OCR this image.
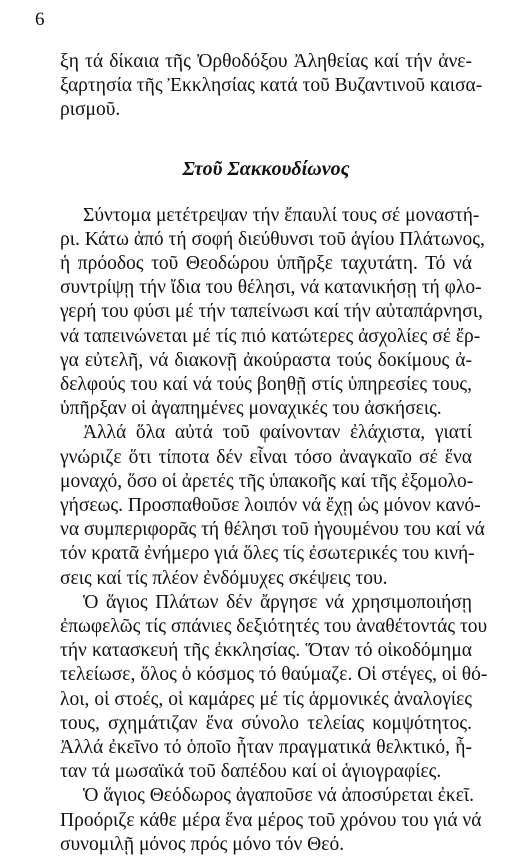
6
ξη τά δίκαια τῆς Ὀρθοδόξου Ἀληθείας καί τήν ἀνε-
ξαρτησία τῆς Ἐκκλησίας κατά τοῦ Βυζαντινοῦ καισα-
ρισμοῦ.
Στοῦ Σακκουδίωνος
Σύντομα μετέτρεψαν τήν ἔπαυλί τους σέ μοναστή-
ρι. Κάτω ἀπό τή σοφή διεύθυνσι τοῦ ἁγίου Πλάτωνος,
ἡ πρόοδος τοῦ Θεοδώρου ὑπῆρξε ταχυτάτη. Τό νά
συντρίψῃ τήν ἴδια του θέλησι, νά κατανικήσῃ τή φλο-
γερή του φύσι μέ τήν ταπείνωσι καί τήν αὐταπάρνησι,
νά ταπεινώνεται μέ τίς πιό κατώτερες ἀσχολίες σέ ἔρ-
γα εὐτελῆ, νά διακονῇ ἀκούραστα τούς δοκίμους ἀ-
δελφούς του καί νά τούς βοηθῇ στίς ὑπηρεσίες τους,
ὑπῆρξαν οἱ ἀγαπημένες μοναχικές του ἀσκήσεις.
Ἀλλά ὅλα αὐτά τοῦ φαίνονταν ἐλάχιστα, γιατί
γνώριζε ὅτι τίποτα δέν εἶναι τόσο ἀναγκαῖο σέ ἕνα
μοναχό, ὅσο οἱ ἀρετές τῆς ὑπακοῆς καί τῆς ἐξομολο-
γήσεως. Προσπαθοῦσε λοιπόν νά ἔχῃ ὡς μόνον κανό-
να συμπεριφορᾶς τή θέλησι τοῦ ἡγουμένου του καί νά
τόν κρατᾶ ἐνήμερο γιά ὅλες τίς ἐσωτερικές του κινή-
σεις καί τίς πλέον ἐνδόμυχες σκέψεις του.
Ὁ ἅγιος Πλάτων δέν ἄργησε νά χρησιμοποιήσῃ
ἐπωφελῶς τίς σπάνιες δεξιότητές του ἀναθέτοντάς του
τήν κατασκευή τῆς ἐκκλησίας. Ὅταν τό οἰκοδόμημα
τελείωσε, ὅλος ὁ κόσμος τό θαύμαζε. Οἱ στέγες, οἱ θό-
λοι, οἱ στοές, οἱ καμάρες μέ τίς ἁρμονικές ἀναλογίες
τους, σχημάτιζαν ἕνα σύνολο τελείας κομψότητος.
Ἀλλά ἐκεῖνο τό ὁποῖο ἦταν πραγματικά θελκτικό, ἦ-
ταν τά μωσαϊκά τοῦ δαπέδου καί οἱ ἁγιογραφίες.
Ὁ ἅγιος Θεόδωρος ἀγαποῦσε νά ἀποσύρεται ἐκεῖ.
Προόριζε κάθε μέρα ἕνα μέρος τοῦ χρόνου του γιά νά
συνομιλῇ μόνος πρός μόνο τόν Θεό.
